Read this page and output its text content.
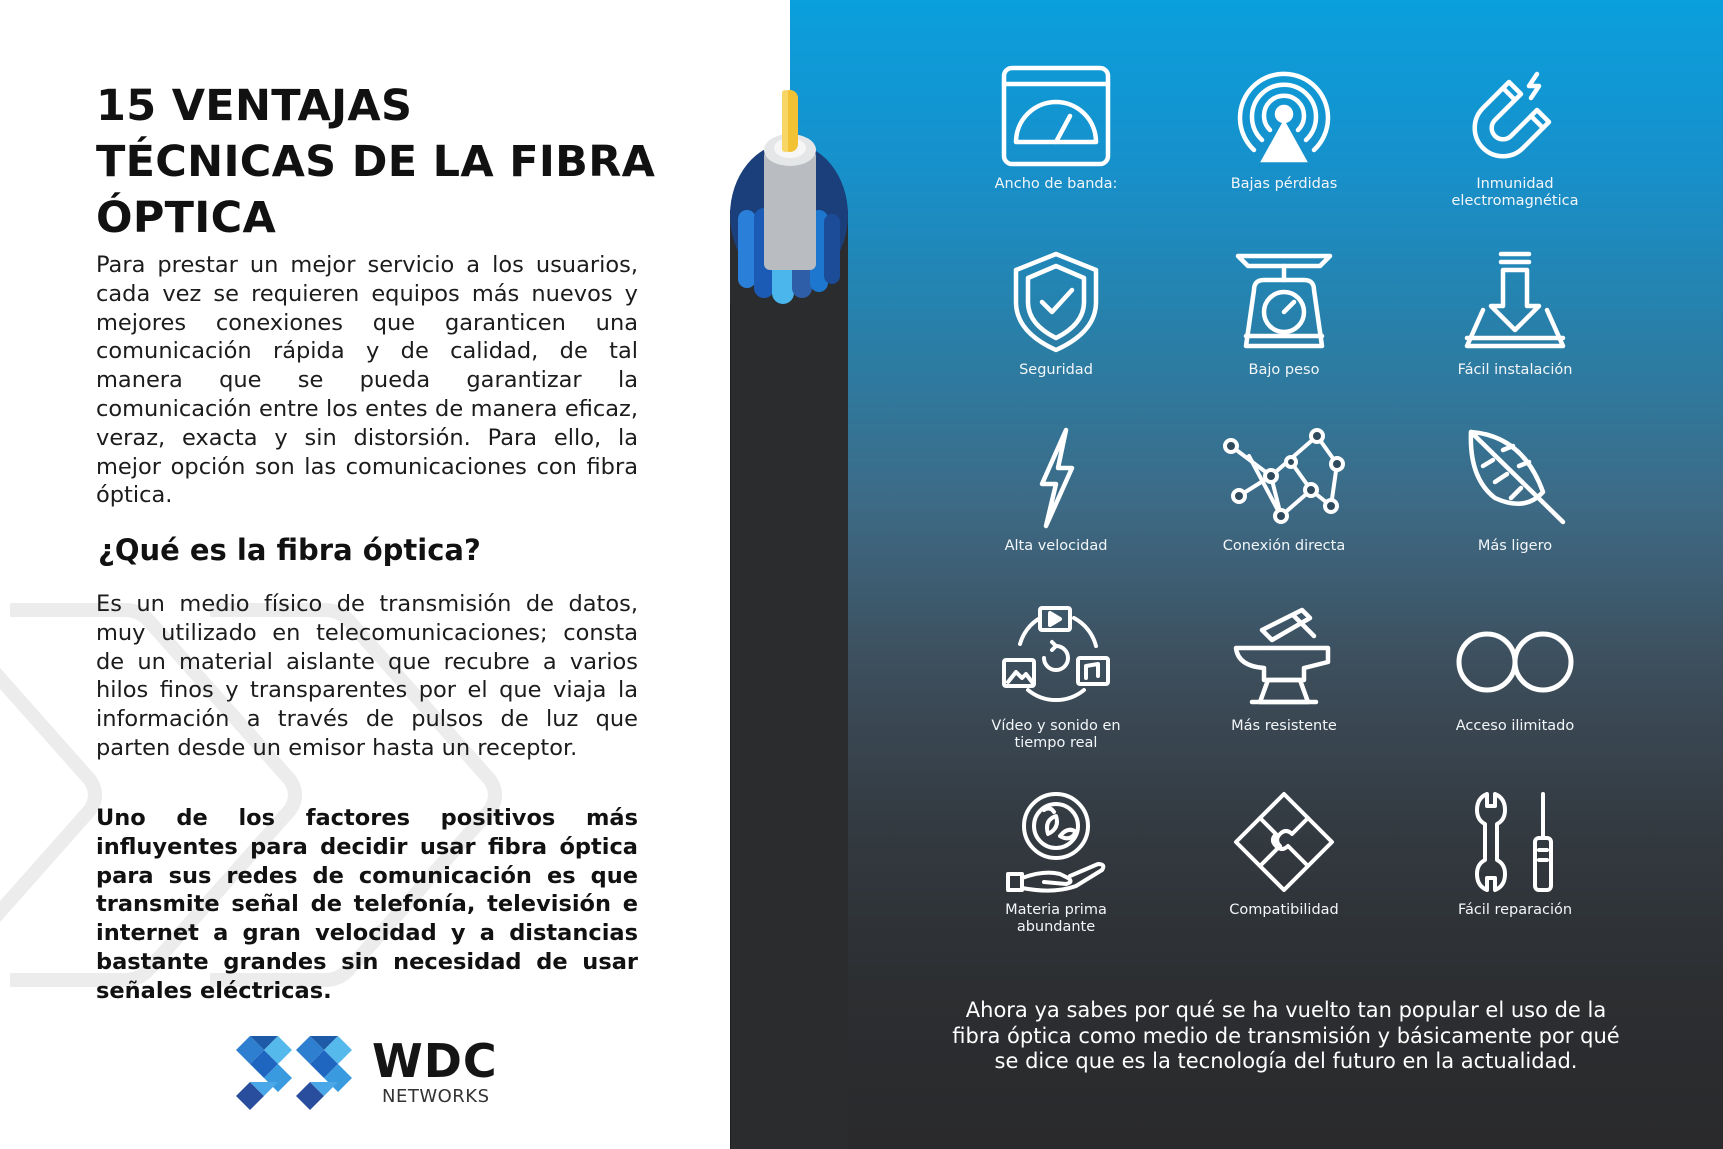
15 VENTAJAS TÉCNICAS DE LA FIBRA ÓPTICA
Para prestar un mejor servicio a los usuarios, cada vez se requieren equipos más nuevos y mejores conexiones que garanticen una comunicación rápida y de calidad, de tal manera que se pueda garantizar la comunicación entre los entes de manera eficaz, veraz, exacta y sin distorsión. Para ello, la mejor opción son las comunicaciones con fibra óptica.
¿Qué es la fibra óptica?
Es un medio físico de transmisión de datos, muy utilizado en telecomunicaciones; consta de un material aislante que recubre a varios hilos finos y transparentes por el que viaja la información a través de pulsos de luz que parten desde un emisor hasta un receptor.
Uno de los factores positivos más influyentes para decidir usar fibra óptica para sus redes de comunicación es que transmite señal de telefonía, televisión e internet a gran velocidad y a distancias bastante grandes sin necesidad de usar señales eléctricas.
WDC
NETWORKS
Ancho de banda:	Bajas pérdidas	Inmunidad
electromagnética
Seguridad	Bajo peso	Fácil instalación
Alta velocidad	Conexión directa	Más ligero
Vídeo y sonido en
tiempo real
Más resistente	Acceso ilimitado
Materia prima
abundante
Compatibilidad	Fácil reparación
Ahora ya sabes por qué se ha vuelto tan popular el uso de la fibra óptica como medio de transmisión y básicamente por qué se dice que es la tecnología del futuro en la actualidad.
